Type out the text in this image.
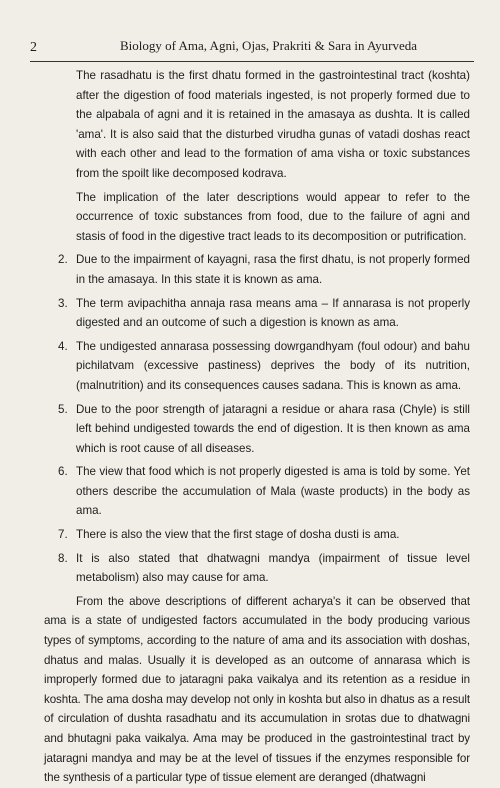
2	Biology of Ama, Agni, Ojas, Prakriti & Sara in Ayurveda

The rasadhatu is the first dhatu formed in the gastrointestinal tract (koshta) after the digestion of food materials ingested, is not properly formed due to the alpabala of agni and it is retained in the amasaya as dushta. It is called 'ama'. It is also said that the disturbed virudha gunas of vatadi doshas react with each other and lead to the formation of ama visha or toxic substances from the spoilt like decomposed kodrava.

The implication of the later descriptions would appear to refer to the occurrence of toxic substances from food, due to the failure of agni and stasis of food in the digestive tract leads to its decomposition or putrification.

2. Due to the impairment of kayagni, rasa the first dhatu, is not properly formed in the amasaya. In this state it is known as ama.
3. The term avipachitha annaja rasa means ama – If annarasa is not properly digested and an outcome of such a digestion is known as ama.
4. The undigested annarasa possessing dowrgandhyam (foul odour) and bahu pichilatvam (excessive pastiness) deprives the body of its nutrition, (malnutrition) and its consequences causes sadana. This is known as ama.
5. Due to the poor strength of jataragni a residue or ahara rasa (Chyle) is still left behind undigested towards the end of digestion. It is then known as ama which is root cause of all diseases.
6. The view that food which is not properly digested is ama is told by some. Yet others describe the accumulation of Mala (waste products) in the body as ama.
7. There is also the view that the first stage of dosha dusti is ama.
8. It is also stated that dhatwagni mandya (impairment of tissue level metabolism) also may cause for ama.

From the above descriptions of different acharya's it can be observed that ama is a state of undigested factors accumulated in the body producing various types of symptoms, according to the nature of ama and its association with doshas, dhatus and malas. Usually it is developed as an outcome of annarasa which is improperly formed due to jataragni paka vaikalya and its retention as a residue in koshta. The ama dosha may develop not only in koshta but also in dhatus as a result of circulation of dushta rasadhatu and its accumulation in srotas due to dhatwagni and bhutagni paka vaikalya. Ama may be produced in the gastrointestinal tract by jataragni mandya and may be at the level of tissues if the enzymes responsible for the synthesis of a particular type of tissue element are deranged (dhatwagni
